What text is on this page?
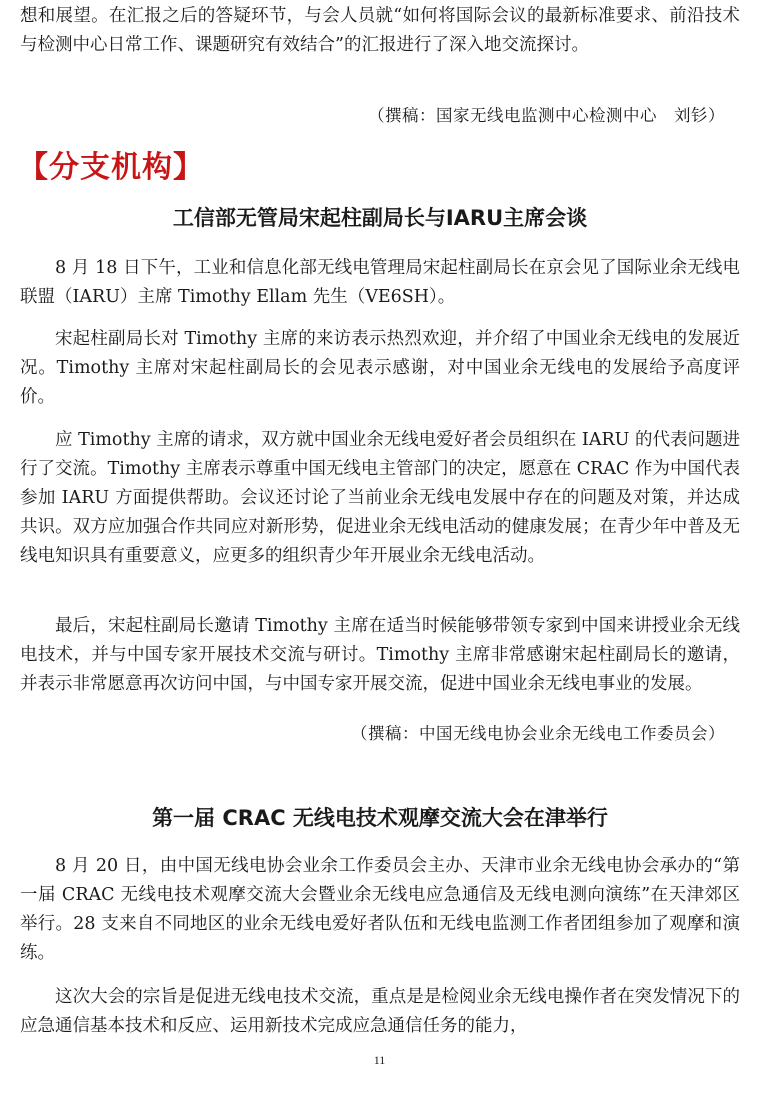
想和展望。在汇报之后的答疑环节，与会人员就“如何将国际会议的最新标准要求、前沿技术与检测中心日常工作、课题研究有效结合”的汇报进行了深入地交流探讨。

（撰稿：国家无线电监测中心检测中心　刘钐）

【分支机构】
工信部无管局宋起柱副局长与IARU主席会谈

8 月 18 日下午，工业和信息化部无线电管理局宋起柱副局长在京会见了国际业余无线电联盟（IARU）主席 Timothy Ellam 先生（VE6SH）。

宋起柱副局长对 Timothy 主席的来访表示热烈欢迎，并介绍了中国业余无线电的发展近况。Timothy 主席对宋起柱副局长的会见表示感谢，对中国业余无线电的发展给予高度评价。

应 Timothy 主席的请求，双方就中国业余无线电爱好者会员组织在 IARU 的代表问题进行了交流。Timothy 主席表示尊重中国无线电主管部门的决定，愿意在 CRAC 作为中国代表参加 IARU 方面提供帮助。会议还讨论了当前业余无线电发展中存在的问题及对策，并达成共识。双方应加强合作共同应对新形势，促进业余无线电活动的健康发展；在青少年中普及无线电知识具有重要意义，应更多的组织青少年开展业余无线电活动。

最后，宋起柱副局长邀请 Timothy 主席在适当时候能够带领专家到中国来讲授业余无线电技术，并与中国专家开展技术交流与研讨。Timothy 主席非常感谢宋起柱副局长的邀请，并表示非常愿意再次访问中国，与中国专家开展交流，促进中国业余无线电事业的发展。

（撰稿：中国无线电协会业余无线电工作委员会）

第一届 CRAC 无线电技术观摩交流大会在津举行

8 月 20 日，由中国无线电协会业余工作委员会主办、天津市业余无线电协会承办的“第一届 CRAC 无线电技术观摩交流大会暨业余无线电应急通信及无线电测向演练”在天津郊区举行。28 支来自不同地区的业余无线电爱好者队伍和无线电监测工作者团组参加了观摩和演练。

这次大会的宗旨是促进无线电技术交流，重点是是检阅业余无线电操作者在突发情况下的应急通信基本技术和反应、运用新技术完成应急通信任务的能力，

11
